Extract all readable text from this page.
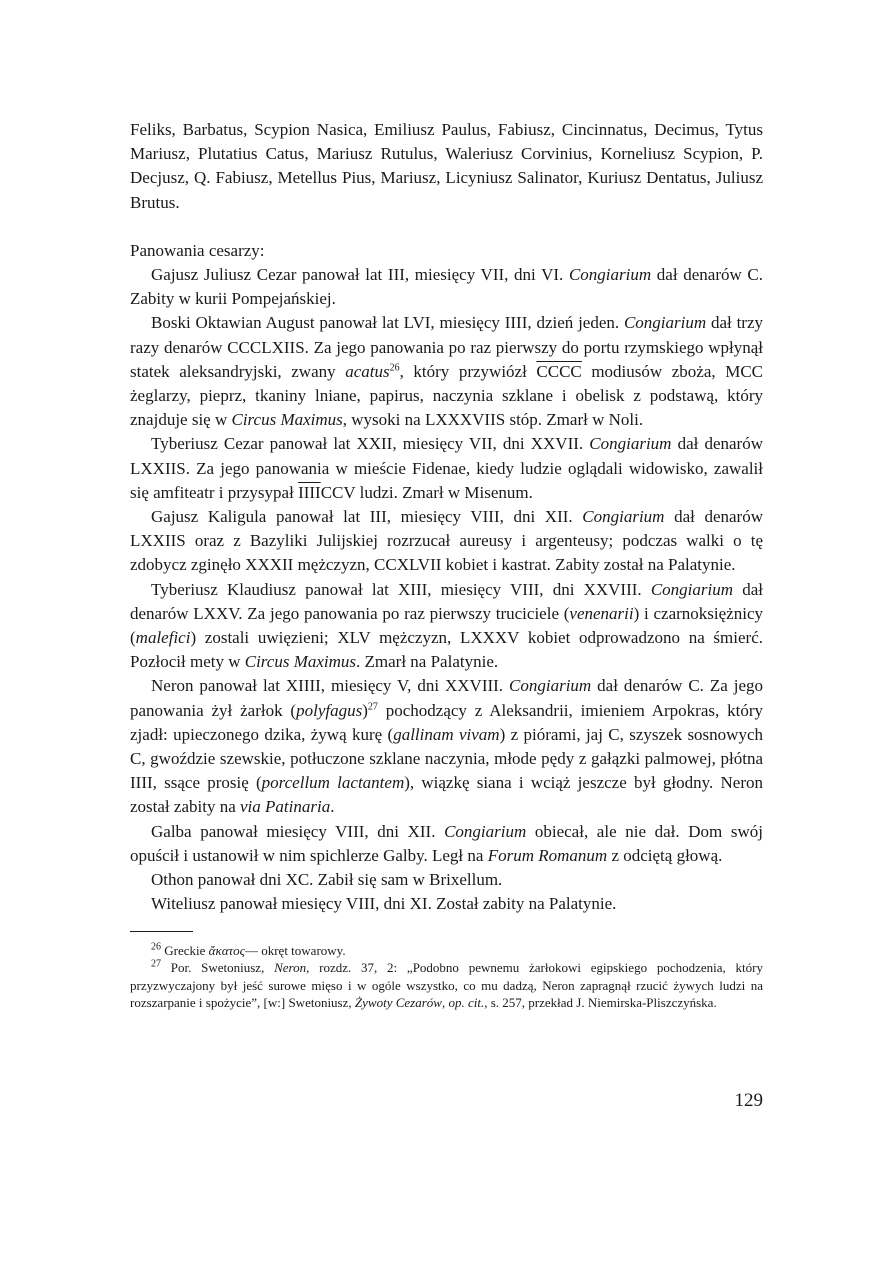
Feliks, Barbatus, Scypion Nasica, Emiliusz Paulus, Fabiusz, Cincinnatus, Decimus, Tytus Mariusz, Plutatius Catus, Mariusz Rutulus, Waleriusz Corvinius, Korneliusz Scypion, P. Decjusz, Q. Fabiusz, Metellus Pius, Mariusz, Licyniusz Salinator, Kuriusz Dentatus, Juliusz Brutus.

Panowania cesarzy:

Gajusz Juliusz Cezar panował lat III, miesięcy VII, dni VI. Congiarium dał denarów C. Zabity w kurii Pompejańskiej.

Boski Oktawian August panował lat LVI, miesięcy IIII, dzień jeden. Congiarium dał trzy razy denarów CCCLXIIS. Za jego panowania po raz pierwszy do portu rzymskiego wpłynął statek aleksandryjski, zwany acatus$^{26}$, który przywiózł CCCC modiusów zboża, MCC żeglarzy, pieprz, tkaniny lniane, papirus, naczynia szklane i obelisk z podstawą, który znajduje się w Circus Maximus, wysoki na LXXXVIIS stóp. Zmarł w Noli.

Tyberiusz Cezar panował lat XXII, miesięcy VII, dni XXVII. Congiarium dał denarów LXXIIS. Za jego panowania w mieście Fidenae, kiedy ludzie oglądali widowisko, zawalił się amfiteatr i przysypał IIIICCV ludzi. Zmarł w Misenum.

Gajusz Kaligula panował lat III, miesięcy VIII, dni XII. Congiarium dał denarów LXXIIS oraz z Bazyliki Julijskiej rozrzucał aureusy i argenteusy; podczas walki o tę zdobycz zginęło XXXII mężczyzn, CCXLVII kobiet i kastrat. Zabity został na Palatynie.

Tyberiusz Klaudiusz panował lat XIII, miesięcy VIII, dni XXVIII. Congiarium dał denarów LXXV. Za jego panowania po raz pierwszy truciciele (venenarii) i czarnoksiężnicy (malefici) zostali uwięzieni; XLV mężczyzn, LXXXV kobiet odprowadzono na śmierć. Pozłocił mety w Circus Maximus. Zmarł na Palatynie.

Neron panował lat XIIII, miesięcy V, dni XXVIII. Congiarium dał denarów C. Za jego panowania żył żarłok (polyfagus)$^{27}$ pochodzący z Aleksandrii, imieniem Arpokras, który zjadł: upieczonego dzika, żywą kurę (gallinam vivam) z piórami, jaj C, szyszek sosnowych C, gwoździe szewskie, potłuczone szklane naczynia, młode pędy z gałązki palmowej, płótna IIII, ssące prosię (porcellum lactantem), wiązkę siana i wciąż jeszcze był głodny. Neron został zabity na via Patinaria.

Galba panował miesięcy VIII, dni XII. Congiarium obiecał, ale nie dał. Dom swój opuścił i ustanowił w nim spichlerze Galby. Legł na Forum Romanum z odciętą głową.

Othon panował dni XC. Zabił się sam w Brixellum.

Witeliusz panował miesięcy VIII, dni XI. Został zabity na Palatynie.

$^{26}$ Greckie ἄκατος— okręt towarowy.

$^{27}$ Por. Swetoniusz, Neron, rozdz. 37, 2: „Podobno pewnemu żarłokowi egipskiego pochodzenia, który przyzwyczajony był jeść surowe mięso i w ogóle wszystko, co mu dadzą, Neron zapragnął rzucić żywych ludzi na rozszarpanie i spożycie”, [w:] Swetoniusz, Żywoty Cezarów, op. cit., s. 257, przekład J. Niemirska-Pliszczyńska.

129
